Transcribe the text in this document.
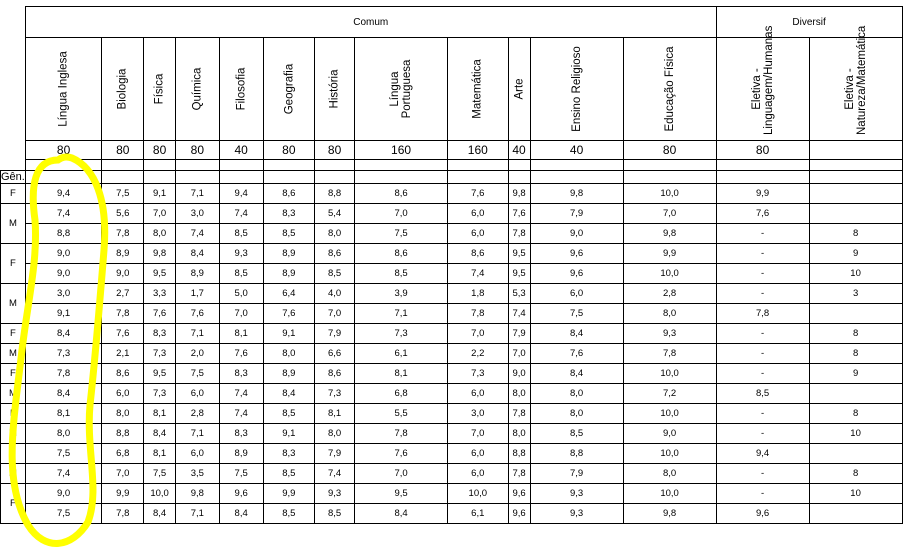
	Comum												Diversif	
	Língua Inglesa	Biologia	Física	Química	Filosofia	Geografia	História	Língua Portuguesa	Matemática	Arte	Ensino Religioso	Educação Física	Eletiva - Linguagem/Humanas	Eletiva - Natureza/Matemática
	80	80	80	80	40	80	80	160	160	40	40	80	80	

Gên.														
F	9,4	7,5	9,1	7,1	9,4	8,6	8,8	8,6	7,6	9,8	9,8	10,0	9,9	
M	7,4	5,6	7,0	3,0	7,4	8,3	5,4	7,0	6,0	7,6	7,9	7,0	7,6	
	8,8	7,8	8,0	7,4	8,5	8,5	8,0	7,5	6,0	7,8	9,0	9,8	-	8
F	9,0	8,9	9,8	8,4	9,3	8,9	8,6	8,6	8,6	9,5	9,6	9,9	-	9
	9,0	9,0	9,5	8,9	8,5	8,9	8,5	8,5	7,4	9,5	9,6	10,0	-	10
M	3,0	2,7	3,3	1,7	5,0	6,4	4,0	3,9	1,8	5,3	6,0	2,8	-	3
	9,1	7,8	7,6	7,6	7,0	7,6	7,0	7,1	7,8	7,4	7,5	8,0	7,8	
F	8,4	7,6	8,3	7,1	8,1	9,1	7,9	7,3	7,0	7,9	8,4	9,3	-	8
M	7,3	2,1	7,3	2,0	7,6	8,0	6,6	6,1	2,2	7,0	7,6	7,8	-	8
F	7,8	8,6	9,5	7,5	8,3	8,9	8,6	8,1	7,3	9,0	8,4	10,0	-	9
M	8,4	6,0	7,3	6,0	7,4	8,4	7,3	6,8	6,0	8,0	8,0	7,2	8,5	
F	8,1	8,0	8,1	2,8	7,4	8,5	8,1	5,5	3,0	7,8	8,0	10,0	-	8
M	8,0	8,8	8,4	7,1	8,3	9,1	8,0	7,8	7,0	8,0	8,5	9,0	-	10
F	7,5	6,8	8,1	6,0	8,9	8,3	7,9	7,6	6,0	8,8	8,8	10,0	9,4	
M	7,4	7,0	7,5	3,5	7,5	8,5	7,4	7,0	6,0	7,8	7,9	8,0	-	8
F	9,0	9,9	10,0	9,8	9,6	9,9	9,3	9,5	10,0	9,6	9,3	10,0	-	10
	7,5	7,8	8,4	7,1	8,4	8,5	8,5	8,4	6,1	9,6	9,3	9,8	9,6	
